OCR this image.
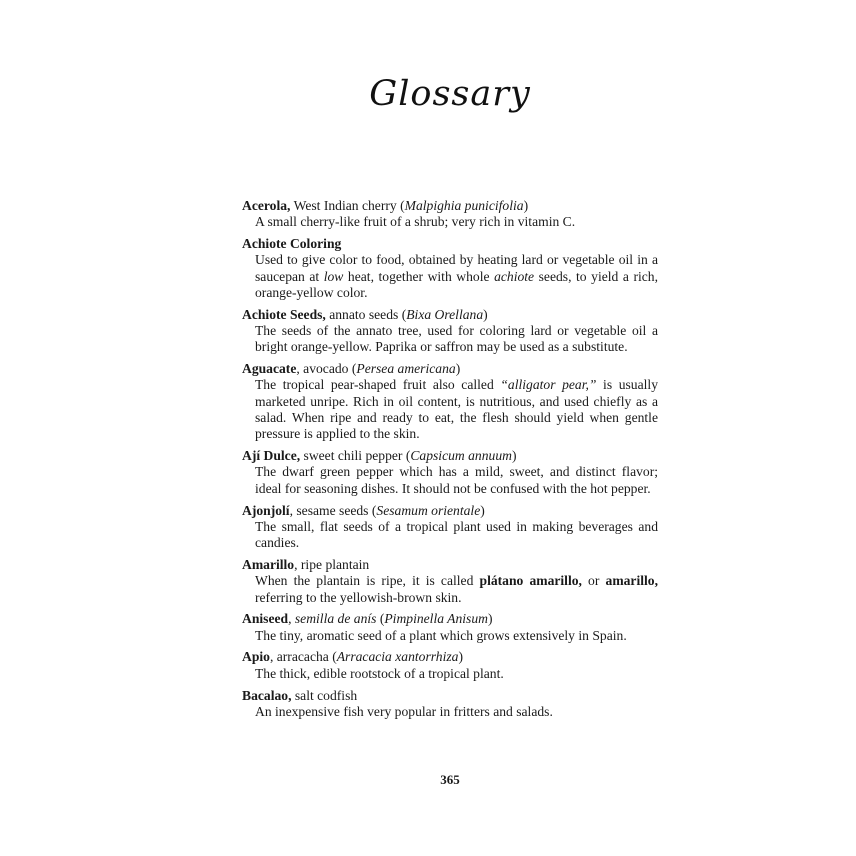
Glossary
Acerola, West Indian cherry (Malpighia punicifolia)
A small cherry-like fruit of a shrub; very rich in vitamin C.
Achiote Coloring
Used to give color to food, obtained by heating lard or vegetable oil in a saucepan at low heat, together with whole achiote seeds, to yield a rich, orange-yellow color.
Achiote Seeds, annato seeds (Bixa Orellana)
The seeds of the annato tree, used for coloring lard or vegetable oil a bright orange-yellow. Paprika or saffron may be used as a substitute.
Aguacate, avocado (Persea americana)
The tropical pear-shaped fruit also called “alligator pear,” is usually marketed unripe. Rich in oil content, is nutritious, and used chiefly as a salad. When ripe and ready to eat, the flesh should yield when gentle pressure is applied to the skin.
Ají Dulce, sweet chili pepper (Capsicum annuum)
The dwarf green pepper which has a mild, sweet, and distinct flavor; ideal for seasoning dishes. It should not be confused with the hot pepper.
Ajonjolí, sesame seeds (Sesamum orientale)
The small, flat seeds of a tropical plant used in making beverages and candies.
Amarillo, ripe plantain
When the plantain is ripe, it is called plátano amarillo, or amarillo, referring to the yellowish-brown skin.
Aniseed, semilla de anís (Pimpinella Anisum)
The tiny, aromatic seed of a plant which grows extensively in Spain.
Apio, arracacha (Arracacia xantorrhiza)
The thick, edible rootstock of a tropical plant.
Bacalao, salt codfish
An inexpensive fish very popular in fritters and salads.
365
